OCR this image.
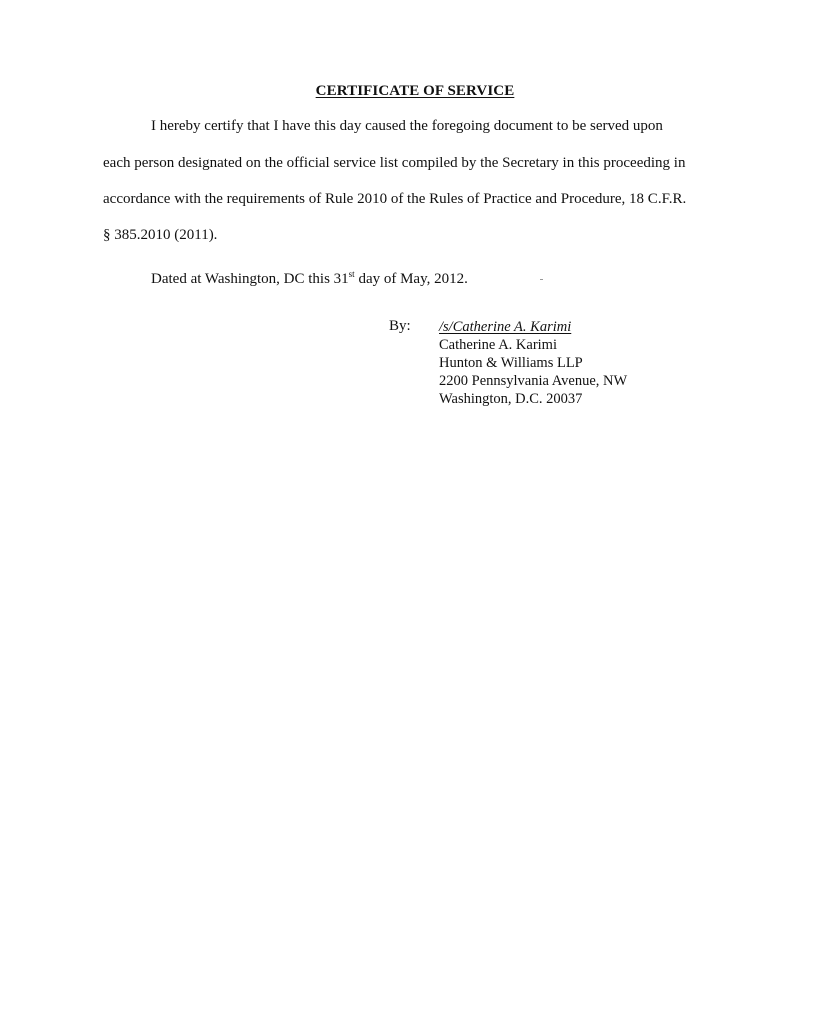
CERTIFICATE OF SERVICE
I hereby certify that I have this day caused the foregoing document to be served upon
each person designated on the official service list compiled by the Secretary in this proceeding in
accordance with the requirements of Rule 2010 of the Rules of Practice and Procedure, 18 C.F.R.
§ 385.2010 (2011).
Dated at Washington, DC this 31st day of May, 2012.
By: /s/Catherine A. Karimi
Catherine A. Karimi
Hunton & Williams LLP
2200 Pennsylvania Avenue, NW
Washington, D.C. 20037
